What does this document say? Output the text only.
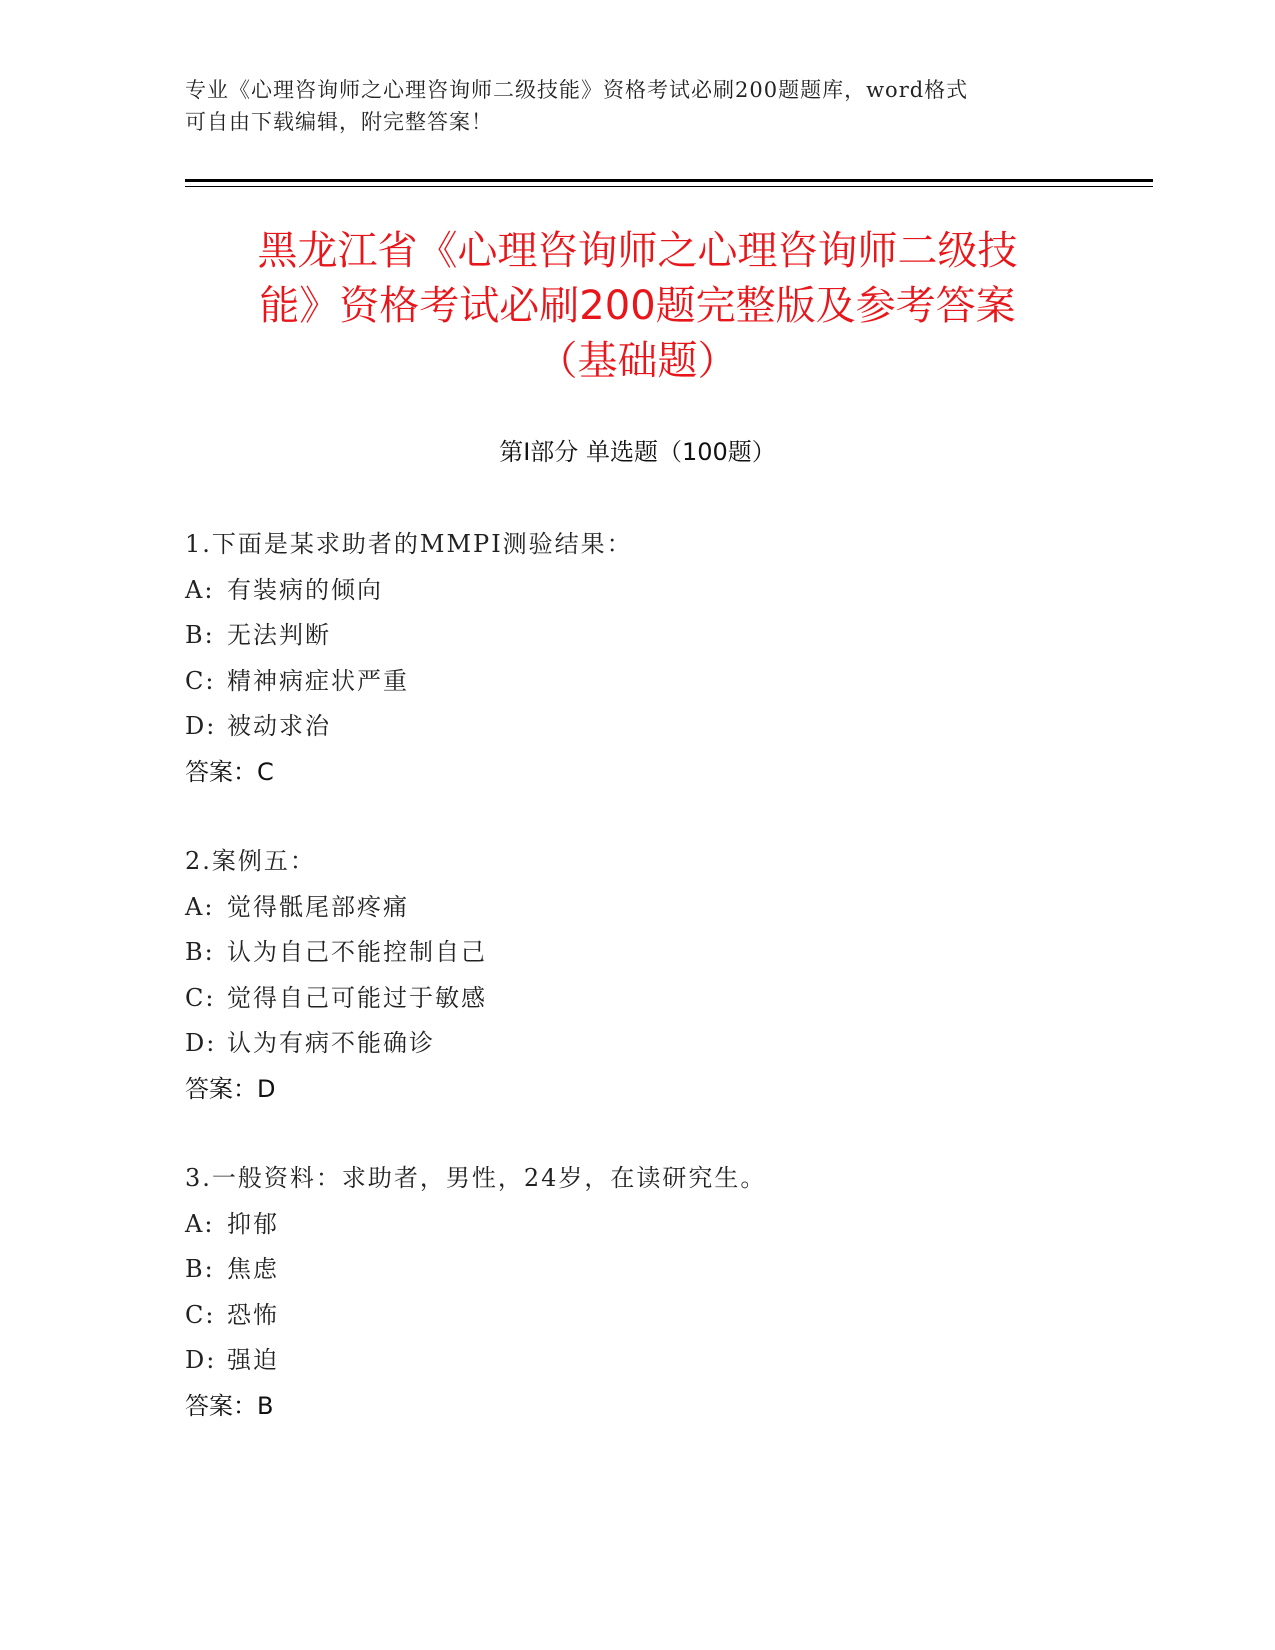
专业《心理咨询师之心理咨询师二级技能》资格考试必刷200题题库，word格式
可自由下载编辑，附完整答案！
黑龙江省《心理咨询师之心理咨询师二级技
能》资格考试必刷200题完整版及参考答案
（基础题）
第Ⅰ部分 单选题（100题）
1.下面是某求助者的MMPI测验结果：
A: 有装病的倾向
B: 无法判断
C: 精神病症状严重
D: 被动求治
答案：C
2.案例五：
A: 觉得骶尾部疼痛
B: 认为自己不能控制自己
C: 觉得自己可能过于敏感
D: 认为有病不能确诊
答案：D
3.一般资料：求助者，男性，24岁，在读研究生。
A: 抑郁
B: 焦虑
C: 恐怖
D: 强迫
答案：B
